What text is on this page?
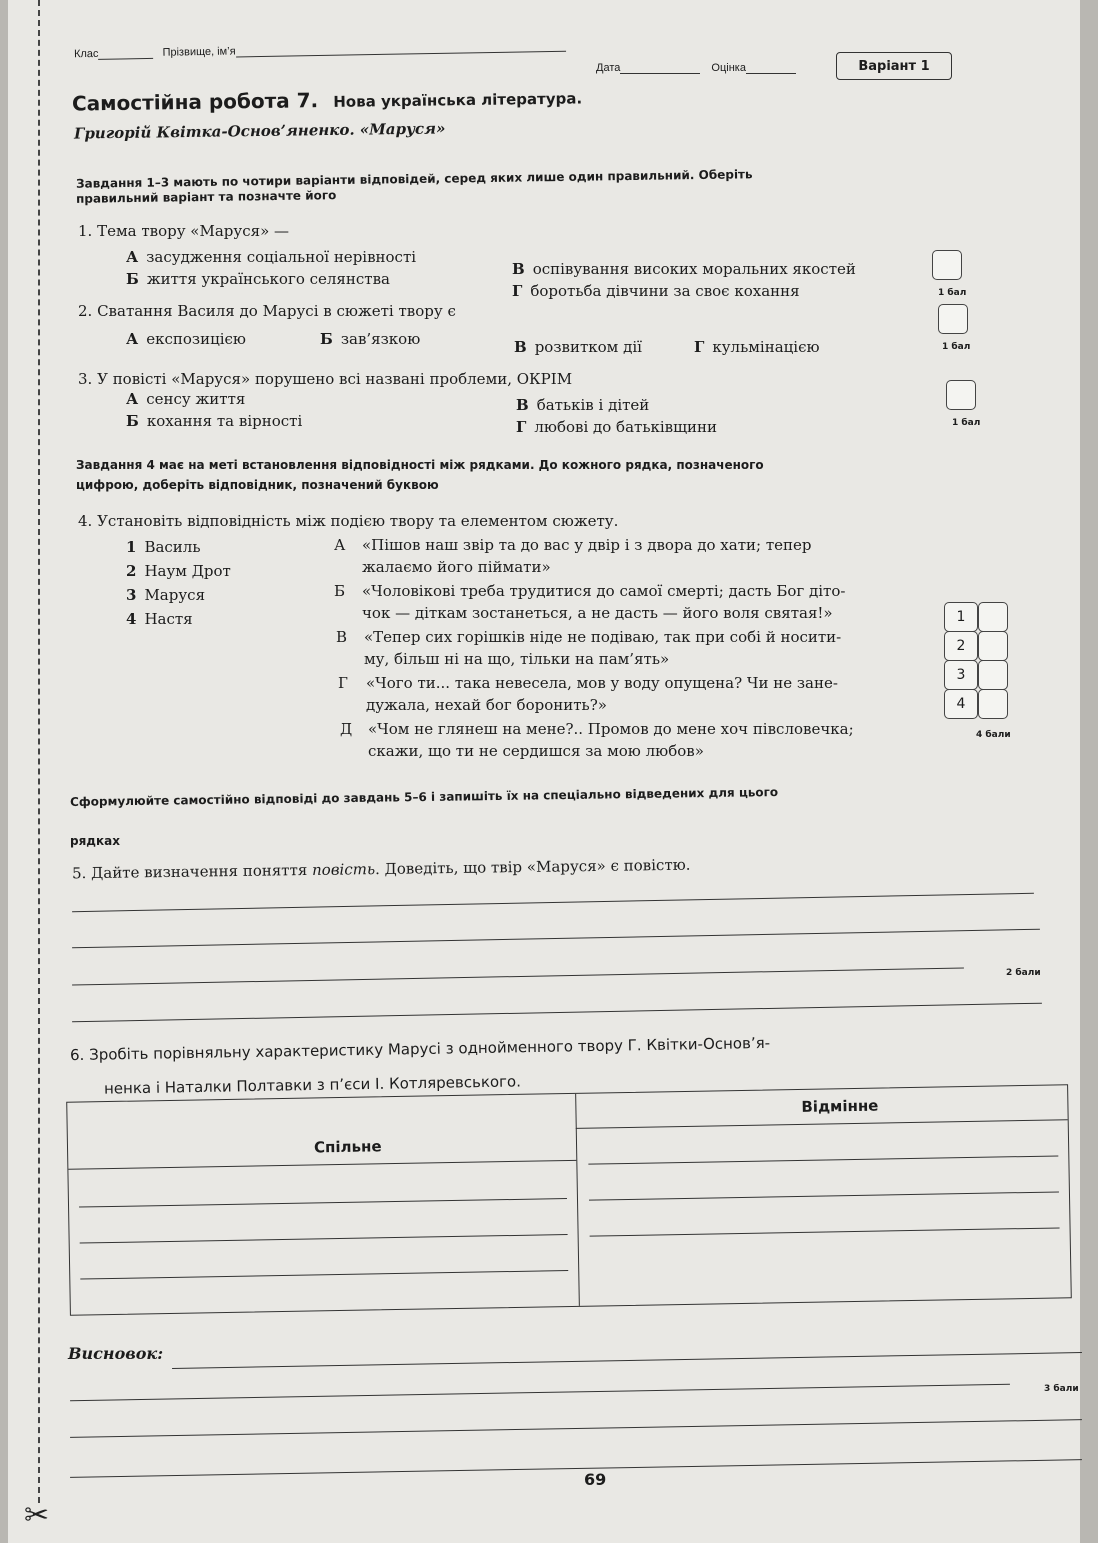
✂
Клас	Прізвище, ім’я
Дата	Оцінка	Варіант 1
Самостійна робота 7. Нова українська література.
Григорій Квітка-Основ’яненко. «Маруся»
Завдання 1–3 мають по чотири варіанти відповідей, серед яких лише один правильний. Оберіть
правильний варіант та позначте його
1. Тема твору «Маруся» —
А засудження соціальної нерівності
Б життя українського селянства
В оспівування високих моральних якостей
Г боротьба дівчини за своє кохання	1 бал
2. Сватання Василя до Марусі в сюжеті твору є
А експозицією	Б зав’язкою	В розвитком дії	Г кульмінацією	1 бал
3. У повісті «Маруся» порушено всі названі проблеми, ОКРІМ
А сенсу життя
Б кохання та вірності
В батьків і дітей
Г любові до батьківщини	1 бал
Завдання 4 має на меті встановлення відповідності між рядками. До кожного рядка, позначеного
цифрою, доберіть відповідник, позначений буквою
4. Установіть відповідність між подією твору та елементом сюжету.
1 Василь
2 Наум Дрот
3 Маруся
4 Настя
А «Пішов наш звір та до вас у двір і з двора до хати; тепер
жалаємо його піймати»
Б «Чоловікові треба трудитися до самої смерті; дасть Бог діто-
чок — діткам зостанеться, а не дасть — його воля святая!»
В «Тепер сих горішків ніде не подіваю, так при собі й носити-
му, більш ні на що, тільки на пам’ять»
Г «Чого ти... така невесела, мов у воду опущена? Чи не зане-
дужала, нехай бог боронить?»
Д «Чом не глянеш на мене?.. Промов до мене хоч півсловечка;
скажи, що ти не сердишся за мою любов»
1
2
3
4
4 бали
Сформулюйте самостійно відповіді до завдань 5–6 і запишіть їх на спеціально відведених для цього
рядках
5. Дайте визначення поняття повість. Доведіть, що твір «Маруся» є повістю.
2 бали
6. Зробіть порівняльну характеристику Марусі з однойменного твору Г. Квітки-Основ’я-
ненка і Наталки Полтавки з п’єси І. Котляревського.
Спільне
Відмінне
Висновок:
3 бали
69
